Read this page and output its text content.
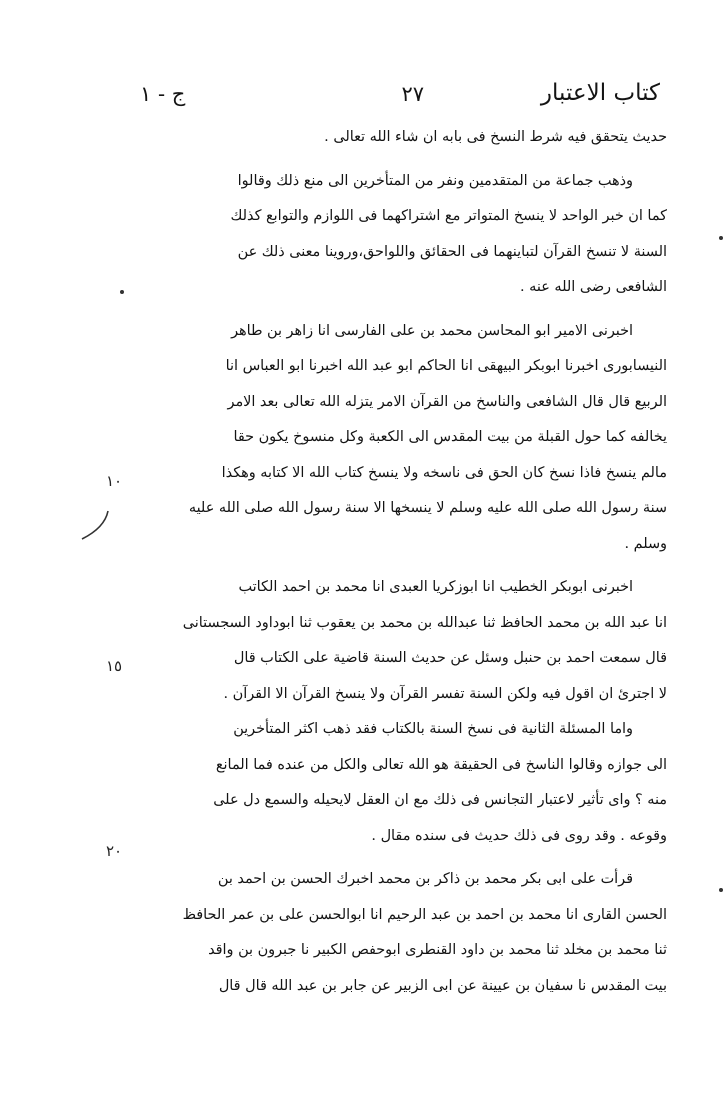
كتاب الاعتبار
٢٧
ج - ١
حديث يتحقق فيه شرط النسخ فى بابه ان شاء الله تعالى .
وذهب جماعة من المتقدمين ونفر من المتأخرين الى منع ذلك وقالوا
كما ان خبر الواحد لا ينسخ المتواتر مع اشتراكهما فى اللوازم والتوابع كذلك
السنة لا تنسخ القرآن لتباينهما فى الحقائق واللواحق،وروينا معنى ذلك عن
الشافعى رضى الله عنه .
اخبرنى الامير ابو المحاسن محمد بن على الفارسى انا زاهر بن طاهر
النيسابورى اخبرنا ابوبكر البيهقى انا الحاكم ابو عبد الله اخبرنا ابو العباس انا
الربيع قال قال الشافعى والناسخ من القرآن الامر يتزله الله تعالى بعد الامر
يخالفه كما حول القبلة من بيت المقدس الى الكعبة وكل منسوخ يكون حقا
مالم ينسخ فاذا نسخ كان الحق فى ناسخه ولا ينسخ كتاب الله الا كتابه وهكذا
سنة رسول الله صلى الله عليه وسلم لا ينسخها الا سنة رسول الله صلى الله عليه
وسلم .
اخبرنى ابوبكر الخطيب انا ابوزكريا العبدى انا محمد بن احمد الكاتب
انا عبد الله بن محمد الحافظ ثنا عبدالله بن محمد بن يعقوب ثنا ابوداود السجستانى
قال سمعت احمد بن حنبل وسئل عن حديث السنة قاضية على الكتاب قال
لا اجترئ ان اقول فيه ولكن السنة تفسر القرآن ولا ينسخ القرآن الا القرآن .
واما المسئلة الثانية فى نسخ السنة بالكتاب فقد ذهب اكثر المتأخرين
الى جوازه وقالوا الناسخ فى الحقيقة هو الله تعالى والكل من عنده فما المانع
منه ؟ واى تأثير لاعتبار التجانس فى ذلك مع ان العقل لايحيله والسمع دل على
وقوعه . وقد روى فى ذلك حديث فى سنده مقال .
قرأت على ابى بكر محمد بن ذاكر بن محمد اخبرك الحسن بن احمد بن
الحسن القارى انا محمد بن احمد بن عبد الرحيم انا ابوالحسن على بن عمر الحافظ
ثنا محمد بن مخلد ثنا محمد بن داود القنطرى ابوحفص الكبير نا جبرون بن واقد
بيت المقدس نا سفيان بن عيينة عن ابى الزبير عن جابر بن عبد الله قال قال
١٠
١٥
٢٠
